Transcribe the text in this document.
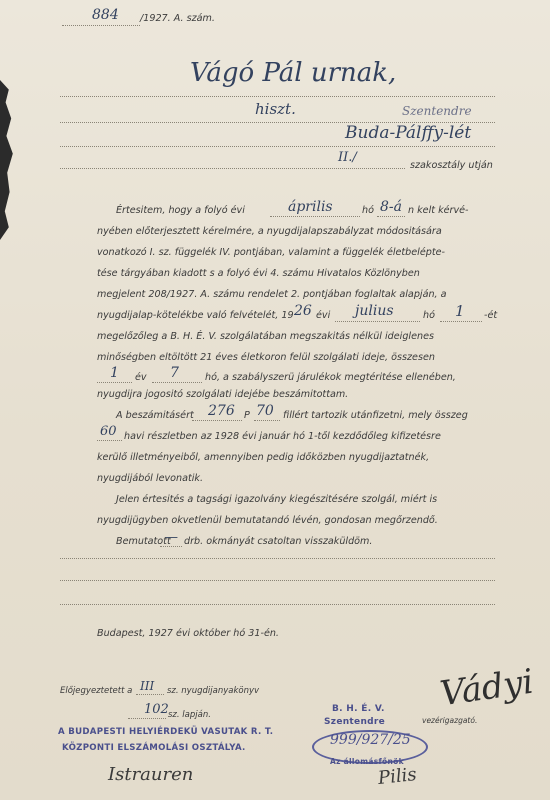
884 /1927. A. szám.
Vágó Pál urnak,
hiszt.	Szentendre
Buda-Pálffy-lét
II./
szakosztály utján
Értesitem, hogy a folyó évi	április	hó 8-á n kelt kérvé-
nyében előterjesztett kérelmére, a nyugdijalapszabályzat módositására
vonatkozó I. sz. függelék IV. pontjában, valamint a függelék életbelépte-
tése tárgyában kiadott s a folyó évi 4. számu Hivatalos Közlönyben
megjelent 208/1927. A. számu rendelet 2. pontjában foglaltak alapján, a
nyugdijalap-kötelékbe való felvételét, 19 26 évi julius	hó 1 -ét
megelőzőleg a B. H. É. V. szolgálatában megszakitás nélkül ideiglenes
minőségben eltöltött 21 éves életkoron felül szolgálati ideje, összesen
1 év 7	hó, a szabályszerü járulékok megtéritése ellenében,
nyugdijra jogositó szolgálati idejébe beszámitottam.
A beszámitásért 276 P 70 fillért tartozik utánfizetni, mely összeg
60 havi részletben az 1928 évi január hó 1-től kezdődőleg kifizetésre
kerülő illetményeiből, amennyiben pedig időközben nyugdijaztatnék,
nyugdijából levonatik.
Jelen értesités a tagsági igazolvány kiegészitésére szolgál, miért is
nyugdijügyben okvetlenül bemutatandó lévén, gondosan megőrzendő.
Bemutatott
— drb. okmányát csatoltan visszaküldöm.
Budapest, 1927 évi október hó 31-én.
Előjegyeztetett a III sz. nyugdijanyakönyv
102 sz. lapján.
vezérigazgató.
A BUDAPESTI HELYIÉRDEKÜ VASUTAK R. T.
KÖZPONTI ELSZÁMOLÁSI OSZTÁLYA.
B. H. É. V.
Szentendre
999/927/25
Az állomásfőnök
Istrauren
Vádyi
Pilis
